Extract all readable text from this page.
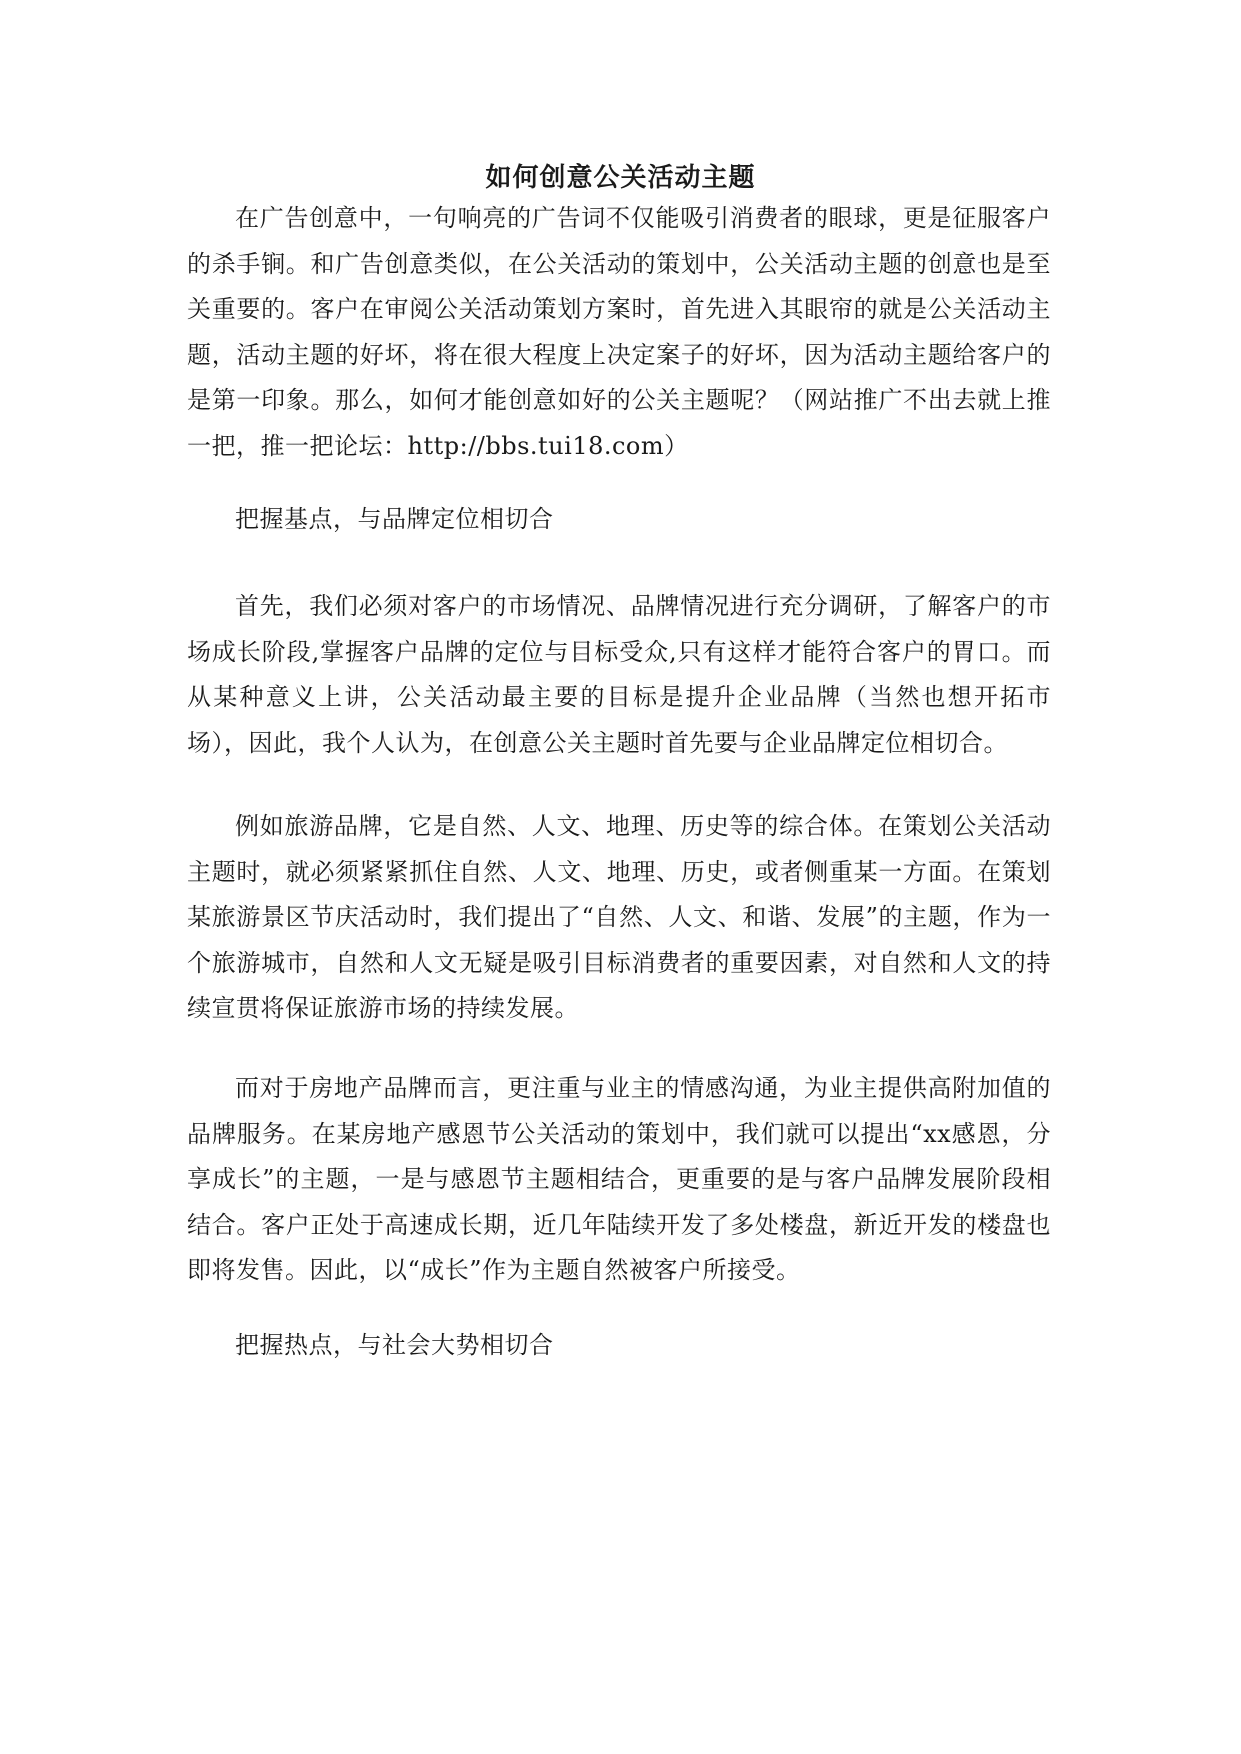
如何创意公关活动主题

在广告创意中，一句响亮的广告词不仅能吸引消费者的眼球，更是征服客户的杀手锏。和广告创意类似，在公关活动的策划中，公关活动主题的创意也是至关重要的。客户在审阅公关活动策划方案时，首先进入其眼帘的就是公关活动主题，活动主题的好坏，将在很大程度上决定案子的好坏，因为活动主题给客户的是第一印象。那么，如何才能创意如好的公关主题呢？（网站推广不出去就上推一把，推一把论坛：http://bbs.tui18.com）

把握基点，与品牌定位相切合

首先，我们必须对客户的市场情况、品牌情况进行充分调研，了解客户的市场成长阶段,掌握客户品牌的定位与目标受众,只有这样才能符合客户的胃口。而从某种意义上讲，公关活动最主要的目标是提升企业品牌（当然也想开拓市场），因此，我个人认为，在创意公关主题时首先要与企业品牌定位相切合。

例如旅游品牌，它是自然、人文、地理、历史等的综合体。在策划公关活动主题时，就必须紧紧抓住自然、人文、地理、历史，或者侧重某一方面。在策划某旅游景区节庆活动时，我们提出了“自然、人文、和谐、发展”的主题，作为一个旅游城市，自然和人文无疑是吸引目标消费者的重要因素，对自然和人文的持续宣贯将保证旅游市场的持续发展。

而对于房地产品牌而言，更注重与业主的情感沟通，为业主提供高附加值的品牌服务。在某房地产感恩节公关活动的策划中，我们就可以提出“xx感恩，分享成长”的主题，一是与感恩节主题相结合，更重要的是与客户品牌发展阶段相结合。客户正处于高速成长期，近几年陆续开发了多处楼盘，新近开发的楼盘也即将发售。因此，以“成长”作为主题自然被客户所接受。

把握热点，与社会大势相切合
